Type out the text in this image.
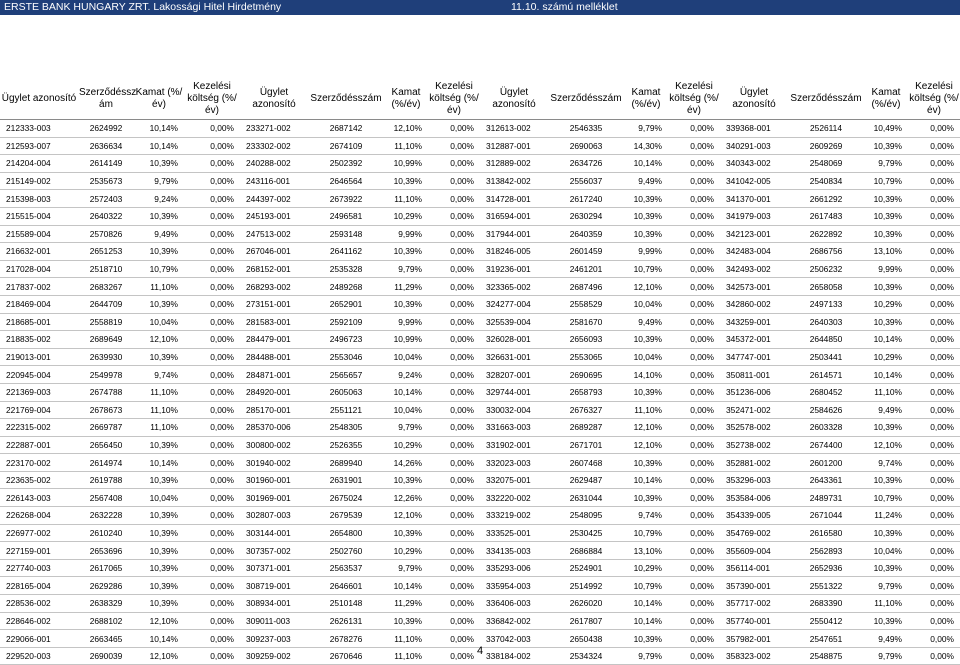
ERSTE BANK HUNGARY ZRT. Lakossági Hitel Hirdetmény	11.10. számú melléklet
Ügylet azonosító	Szerződéssz ám	Kamat (%/év)	Kezelési költség (%/év)
212333-003	2624992	10,14%	0,00%
212593-007	2636634	10,14%	0,00%
214204-004	2614149	10,39%	0,00%
215149-002	2535673	9,79%	0,00%
215398-003	2572403	9,24%	0,00%
215515-004	2640322	10,39%	0,00%
215589-004	2570826	9,49%	0,00%
216632-001	2651253	10,39%	0,00%
217028-004	2518710	10,79%	0,00%
217837-002	2683267	11,10%	0,00%
218469-004	2644709	10,39%	0,00%
218685-001	2558819	10,04%	0,00%
218835-002	2689649	12,10%	0,00%
219013-001	2639930	10,39%	0,00%
220945-004	2549978	9,74%	0,00%
221369-003	2674788	11,10%	0,00%
221769-004	2678673	11,10%	0,00%
222315-002	2669787	11,10%	0,00%
222887-001	2656450	10,39%	0,00%
223170-002	2614974	10,14%	0,00%
223635-002	2619788	10,39%	0,00%
226143-003	2567408	10,04%	0,00%
226268-004	2632228	10,39%	0,00%
226977-002	2610240	10,39%	0,00%
227159-001	2653696	10,39%	0,00%
227740-003	2617065	10,39%	0,00%
228165-004	2629286	10,39%	0,00%
228536-002	2638329	10,39%	0,00%
228646-002	2688102	12,10%	0,00%
229066-001	2663465	10,14%	0,00%
229520-003	2690039	12,10%	0,00%
Ügylet azonosító	Szerződésszám	Kamat (%/év)	Kezelési költség (%/év)
233271-002	2687142	12,10%	0,00%
233302-002	2674109	11,10%	0,00%
240288-002	2502392	10,99%	0,00%
243116-001	2646564	10,39%	0,00%
244397-002	2673922	11,10%	0,00%
245193-001	2496581	10,29%	0,00%
247513-002	2593148	9,99%	0,00%
267046-001	2641162	10,39%	0,00%
268152-001	2535328	9,79%	0,00%
268293-002	2489268	11,29%	0,00%
273151-001	2652901	10,39%	0,00%
281583-001	2592109	9,99%	0,00%
284479-001	2496723	10,99%	0,00%
284488-001	2553046	10,04%	0,00%
284871-001	2565657	9,24%	0,00%
284920-001	2605063	10,14%	0,00%
285170-001	2551121	10,04%	0,00%
285370-006	2548305	9,79%	0,00%
300800-002	2526355	10,29%	0,00%
301940-002	2689940	14,26%	0,00%
301960-001	2631901	10,39%	0,00%
301969-001	2675024	12,26%	0,00%
302807-003	2679539	12,10%	0,00%
303144-001	2654800	10,39%	0,00%
307357-002	2502760	10,29%	0,00%
307371-001	2563537	9,79%	0,00%
308719-001	2646601	10,14%	0,00%
308934-001	2510148	11,29%	0,00%
309011-003	2626131	10,39%	0,00%
309237-003	2678276	11,10%	0,00%
309259-002	2670646	11,10%	0,00%
Ügylet azonosító	Szerződésszám	Kamat (%/év)	Kezelési költség (%/év)
312613-002	2546335	9,79%	0,00%
312887-001	2690063	14,30%	0,00%
312889-002	2634726	10,14%	0,00%
313842-002	2556037	9,49%	0,00%
314728-001	2617240	10,39%	0,00%
316594-001	2630294	10,39%	0,00%
317944-001	2640359	10,39%	0,00%
318246-005	2601459	9,99%	0,00%
319236-001	2461201	10,79%	0,00%
323365-002	2687496	12,10%	0,00%
324277-004	2558529	10,04%	0,00%
325539-004	2581670	9,49%	0,00%
326028-001	2656093	10,39%	0,00%
326631-001	2553065	10,04%	0,00%
328207-001	2690695	14,10%	0,00%
329744-001	2658793	10,39%	0,00%
330032-004	2676327	11,10%	0,00%
331663-003	2689287	12,10%	0,00%
331902-001	2671701	12,10%	0,00%
332023-003	2607468	10,39%	0,00%
332075-001	2629487	10,14%	0,00%
332220-002	2631044	10,39%	0,00%
333219-002	2548095	9,74%	0,00%
333525-001	2530425	10,79%	0,00%
334135-003	2686884	13,10%	0,00%
335293-006	2524901	10,29%	0,00%
335954-003	2514992	10,79%	0,00%
336406-003	2626020	10,14%	0,00%
336842-002	2617807	10,14%	0,00%
337042-003	2650438	10,39%	0,00%
338184-002	2534324	9,79%	0,00%
Ügylet azonosító	Szerződésszám	Kamat (%/év)	Kezelési költség (%/év)
339368-001	2526114	10,49%	0,00%
340291-003	2609269	10,39%	0,00%
340343-002	2548069	9,79%	0,00%
341042-005	2540834	10,79%	0,00%
341370-001	2661292	10,39%	0,00%
341979-003	2617483	10,39%	0,00%
342123-001	2622892	10,39%	0,00%
342483-004	2686756	13,10%	0,00%
342493-002	2506232	9,99%	0,00%
342573-001	2658058	10,39%	0,00%
342860-002	2497133	10,29%	0,00%
343259-001	2640303	10,39%	0,00%
345372-001	2644850	10,14%	0,00%
347747-001	2503441	10,29%	0,00%
350811-001	2614571	10,14%	0,00%
351236-006	2680452	11,10%	0,00%
352471-002	2584626	9,49%	0,00%
352578-002	2603328	10,39%	0,00%
352738-002	2674400	12,10%	0,00%
352881-002	2601200	9,74%	0,00%
353296-003	2643361	10,39%	0,00%
353584-006	2489731	10,79%	0,00%
354339-005	2671044	11,24%	0,00%
354769-002	2616580	10,39%	0,00%
355609-004	2562893	10,04%	0,00%
356114-001	2652936	10,39%	0,00%
357390-001	2551322	9,79%	0,00%
357717-002	2683390	11,10%	0,00%
357740-001	2550412	10,39%	0,00%
357982-001	2547651	9,49%	0,00%
358323-002	2548875	9,79%	0,00%
4
